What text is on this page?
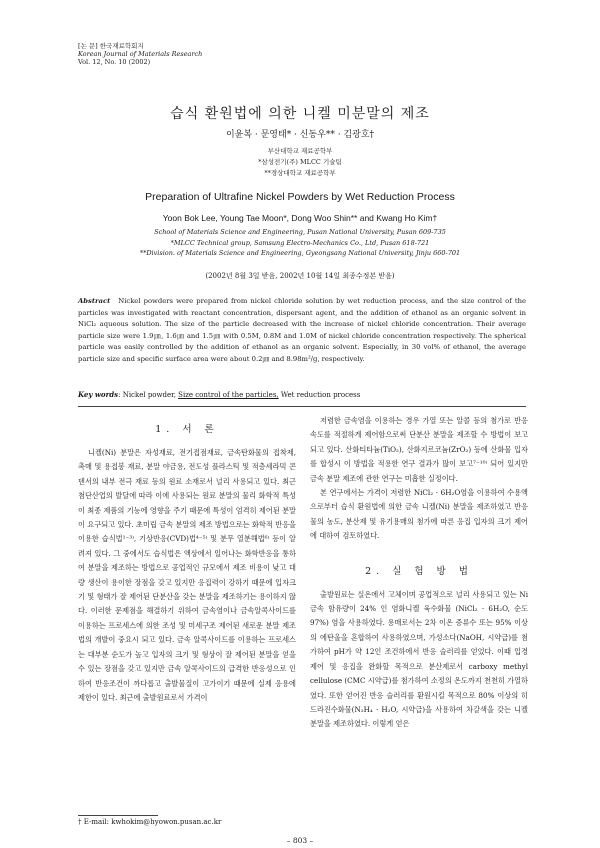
[논 문] 한국재료학회지
Korean Journal of Materials Research
Vol. 12, No. 10 (2002)
습식 환원법에 의한 니켈 미분말의 제조
이윤복 · 문영태* · 신동우** · 김광호†
부산대학교 재료공학부
*삼성전기(주) MLCC 기술팀
**경상대학교 재료공학부
Preparation of Ultrafine Nickel Powders by Wet Reduction Process
Yoon Bok Lee, Young Tae Moon*, Dong Woo Shin** and Kwang Ho Kim†
School of Materials Science and Engineering, Pusan National University, Pusan 609-735
*MLCC Technical group, Samsung Electro-Mechanics Co., Ltd, Pusan 618-721
**Division. of Materials Science and Engineering, Gyeongsang National University, Jinju 660-701
(2002년 8월 3일 받음, 2002년 10월 14일 최종수정본 받음)
Abstract Nickel powders were prepared from nickel chloride solution by wet reduction process, and the size control of the particles was investigated with reactant concentration, dispersant agent, and the addition of ethanol as an organic solvent in NiCl₂ aqueous solution. The size of the particle decreased with the increase of nickel chloride concentration. Their average particle size were 1.9㎛, 1.6㎛ and 1.5㎛ with 0.5M, 0.8M and 1.0M of nickel chloride concentration respectively. The spherical particle was easily controlled by the addition of ethanol as an organic solvent. Especially, in 30 vol% of ethanol, the average particle size and specific surface area were about 0.2㎛ and 8.98m²/g, respectively.
Key words: Nickel powder, Size control of the particles, Wet reduction process
1. 서 론

니켈(Ni) 분말은 자성재료, 전기접점재료, 금속탄화물의 접착제, 촉매 및 용접봉 재료, 분말 야금용, 전도성 플라스틱 및 적층세라믹 콘덴서의 내부 전극 재료 등의 원료 소재로서 널리 사용되고 있다. 최근 첨단산업의 발달에 따라 이에 사용되는 원료 분말의 물리 화학적 특성이 최종 제품의 기능에 영향을 주기 때문에 특성이 엄격히 제어된 분말이 요구되고 있다. 초미립 금속 분말의 제조 방법으로는 화학적 반응을 이용한 습식법¹⁻³⁾, 기상반응(CVD)법⁴⁻⁵⁾ 및 분무 열분해법⁶⁾ 등이 알려져 있다. 그 중에서도 습식법은 액상에서 일어나는 화학반응을 통하여 분말을 제조하는 방법으로 공업적인 규모에서 제조 비용이 낮고 대량 생산이 용이한 장점을 갖고 있지만 응집력이 강하기 때문에 입자크기 및 형태가 잘 제어된 단분산을 갖는 분말을 제조하기는 용이하지 않다. 이러한 문제점을 해결하기 위하여 금속염이나 금속알콕사이드를 이용하는 프로세스에 의한 조성 및 미세구조 제어된 새로운 분말 제조법의 개발이 중요시 되고 있다. 금속 알콕사이드를 이용하는 프로세스는 대부분 순도가 높고 입자의 크기 및 형상이 잘 제어된 분말을 얻을 수 있는 장점을 갖고 있지만 금속 알콕사이드의 급격한 반응성으로 인하여 반응조건이 까다롭고 출발물질이 고가이기 때문에 실제 응용에 제한이 있다. 최근에 출발원료로서 가격이

저렴한 금속염을 이용하는 경우 가열 또는 알콜 등의 첨가로 반응속도를 적절하게 제어함으로써 단분산 분말을 제조할 수 방법이 보고되고 있다. 산화티타늄(TiO₂), 산화지르코늄(ZrO₂) 등에 산화물 입자를 합성시 이 방법을 적용한 연구 결과가 많이 보고⁷⁻¹⁰⁾ 되어 있지만 금속 분말 제조에 관한 연구는 미흡한 실정이다.

본 연구에서는 가격이 저렴한 NiCl₂ · 6H₂O염을 이용하여 수용액으로부터 습식 환원법에 의한 금속 니켈(Ni) 분말을 제조하였고 반응물의 농도, 분산제 및 유기용매의 첨가에 따른 응집 입자의 크기 제어에 대하여 검토하였다.

2. 실 험 방 법

출발원료는 실온에서 고체이며 공업적으로 널리 사용되고 있는 Ni 금속 함유량이 24% 인 염화니켈 육수화물 (NiCl₂ · 6H₂O, 순도 97%) 염을 사용하였다. 용매로서는 2차 이온 증류수 또는 95% 이상의 에탄올을 혼합하여 사용하였으며, 가성소다(NaOH, 시약급)를 첨가하여 pH가 약 12인 조건하에서 반응 슬러리를 얻었다. 이때 입경 제어 및 응집을 완화할 목적으로 분산제로서 carboxy methyl cellulose (CMC 시약급)를 첨가하여 소정의 온도까지 천천히 가열하였다. 또한 얻어진 반응 슬러리를 환원시킬 목적으로 80% 이상의 히드라진수화물(N₂H₄ · H₂O, 시약급)을 사용하여 차갈색을 갖는 니켈 분말을 제조하였다. 이렇게 얻은

† E-mail: kwhokim@hyowon.pusan.ac.kr
– 803 –
